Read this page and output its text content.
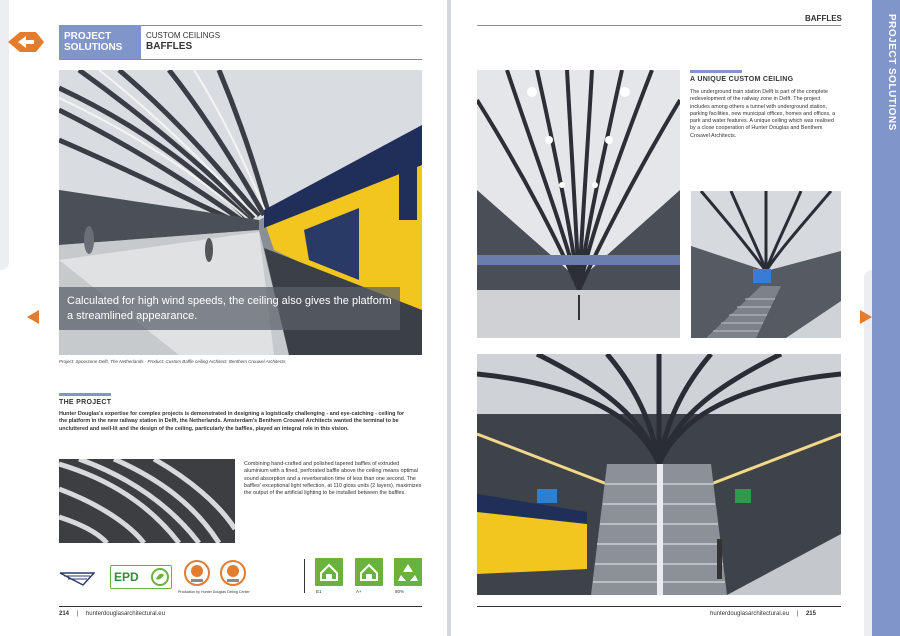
PROJECT SOLUTIONS
CUSTOM CEILINGS
BAFFLES
Calculated for high wind speeds, the ceiling also gives the platform a streamlined appearance.
Project: Spoorzone Delft, The Netherlands - Product: Custom Baffle ceiling Architect: Benthem Crouwel Architects
THE PROJECT
Hunter Douglas's expertise for complex projects is demonstrated in designing a logistically challenging - and eye-catching - ceiling for the platform in the new railway station in Delft, the Netherlands. Amsterdam's Benthem Crouwel Architects wanted the terminal to be uncluttered and well-lit and the design of the ceiling, particularly the baffles, played an integral role in this vision.
Combining hand-crafted and polished tapered baffles of extruded aluminium with a fined, perforated baffle above the ceiling means optimal sound absorption and a reverberation time of less than one second. The baffles' exceptional light reflection, at 110 gloss units (2 layers), maximizes the output of the artificial lighting to be installed between the baffles.
EPD
Production by Hunter Douglas Ceiling Center	E1	A+	80%
214 | hunterdouglasarchitectural.eu
PROJECT SOLUTIONS
BAFFLES
A UNIQUE CUSTOM CEILING
The underground train station Delft is part of the complete redevelopment of the railway zone in Delft. The project includes among others a tunnel with underground station, parking facilities, new municipal offices, homes and offices, a park and water features. A unique ceiling which was realised by a close cooperation of Hunter Douglas and Benthem Crouwel Architects.
hunterdouglasarchitectural.eu | 215
